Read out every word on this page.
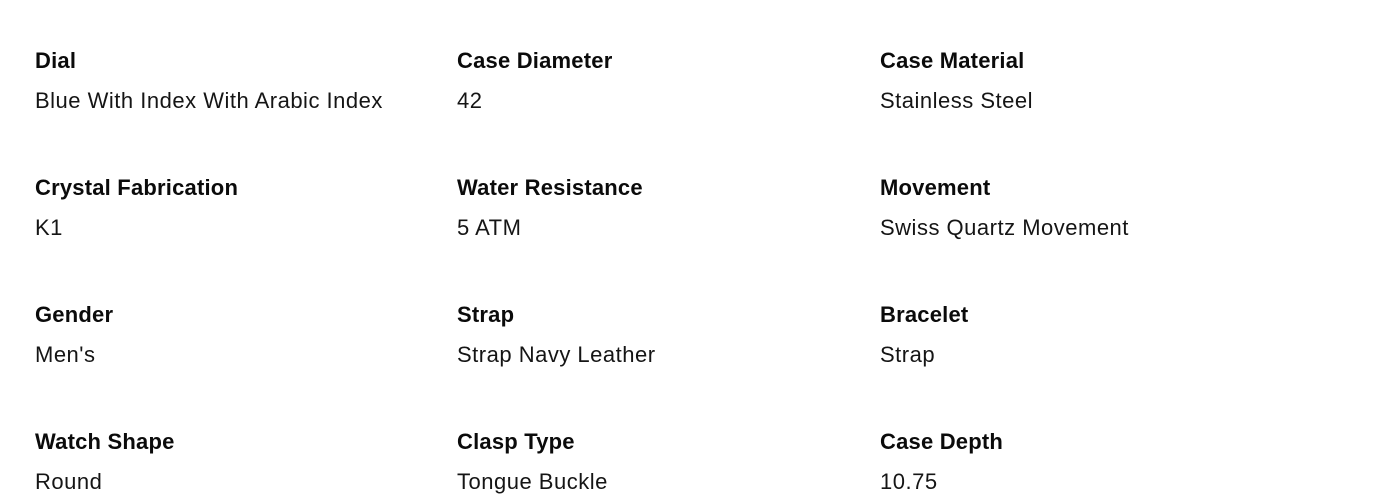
Dial
Blue With Index With Arabic Index
Case Diameter
42
Case Material
Stainless Steel
Crystal Fabrication
K1
Water Resistance
5 ATM
Movement
Swiss Quartz Movement
Gender
Men's
Strap
Strap Navy Leather
Bracelet
Strap
Watch Shape
Round
Clasp Type
Tongue Buckle
Case Depth
10.75
